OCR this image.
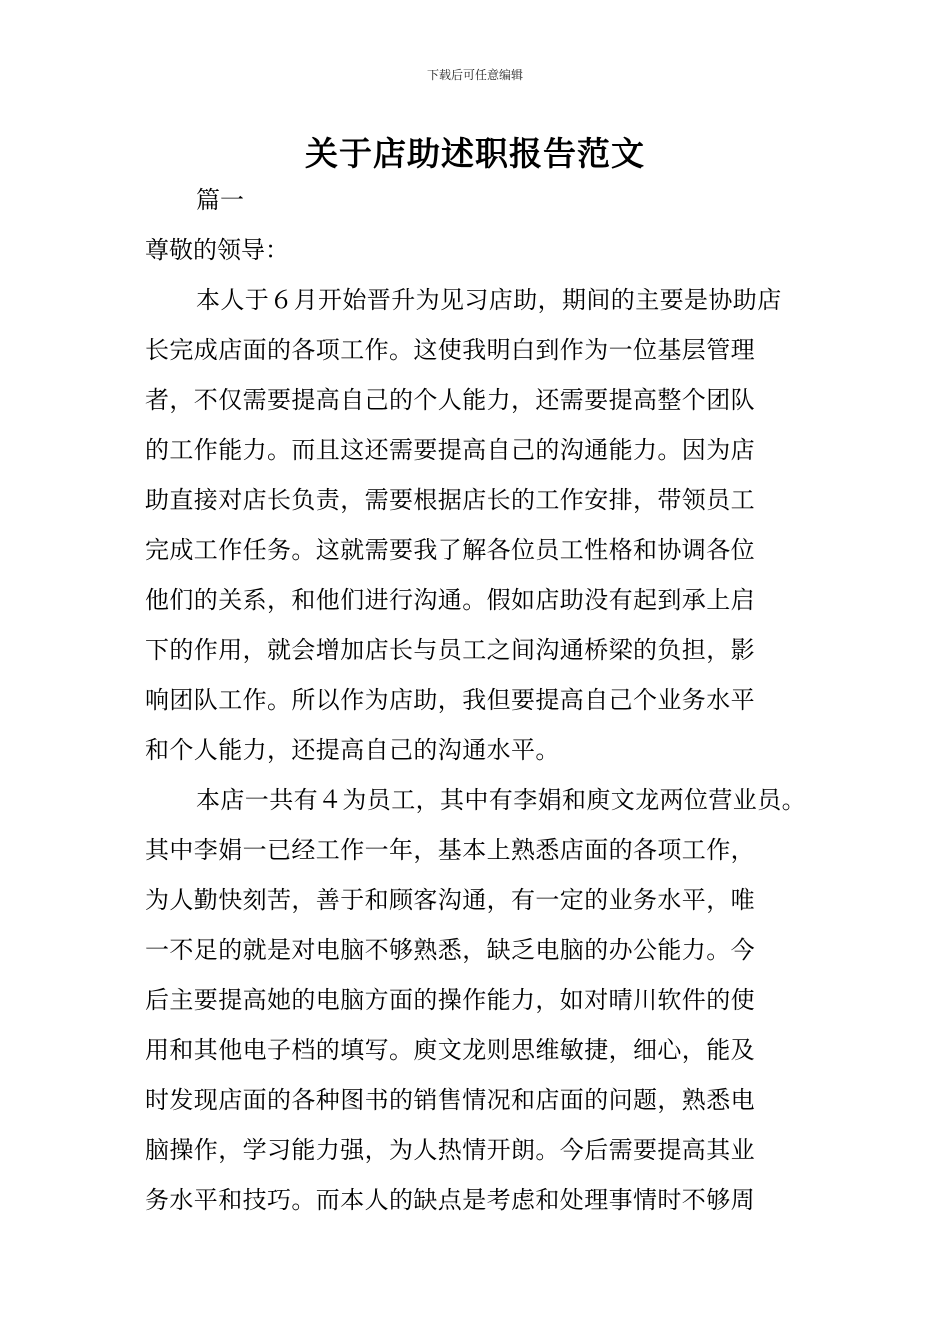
下载后可任意编辑
关于店助述职报告范文
篇一
尊敬的领导：
本人于６月开始晋升为见习店助，期间的主要是协助店
长完成店面的各项工作。这使我明白到作为一位基层管理
者，不仅需要提高自己的个人能力，还需要提高整个团队
的工作能力。而且这还需要提高自己的沟通能力。因为店
助直接对店长负责，需要根据店长的工作安排，带领员工
完成工作任务。这就需要我了解各位员工性格和协调各位
他们的关系，和他们进行沟通。假如店助没有起到承上启
下的作用，就会增加店长与员工之间沟通桥梁的负担，影
响团队工作。所以作为店助，我但要提高自己个业务水平
和个人能力，还提高自己的沟通水平。
本店一共有４为员工，其中有李娟和庾文龙两位营业员。
其中李娟一已经工作一年，基本上熟悉店面的各项工作，
为人勤快刻苦，善于和顾客沟通，有一定的业务水平，唯
一不足的就是对电脑不够熟悉，缺乏电脑的办公能力。今
后主要提高她的电脑方面的操作能力，如对晴川软件的使
用和其他电子档的填写。庾文龙则思维敏捷，细心，能及
时发现店面的各种图书的销售情况和店面的问题，熟悉电
脑操作，学习能力强，为人热情开朗。今后需要提高其业
务水平和技巧。而本人的缺点是考虑和处理事情时不够周
